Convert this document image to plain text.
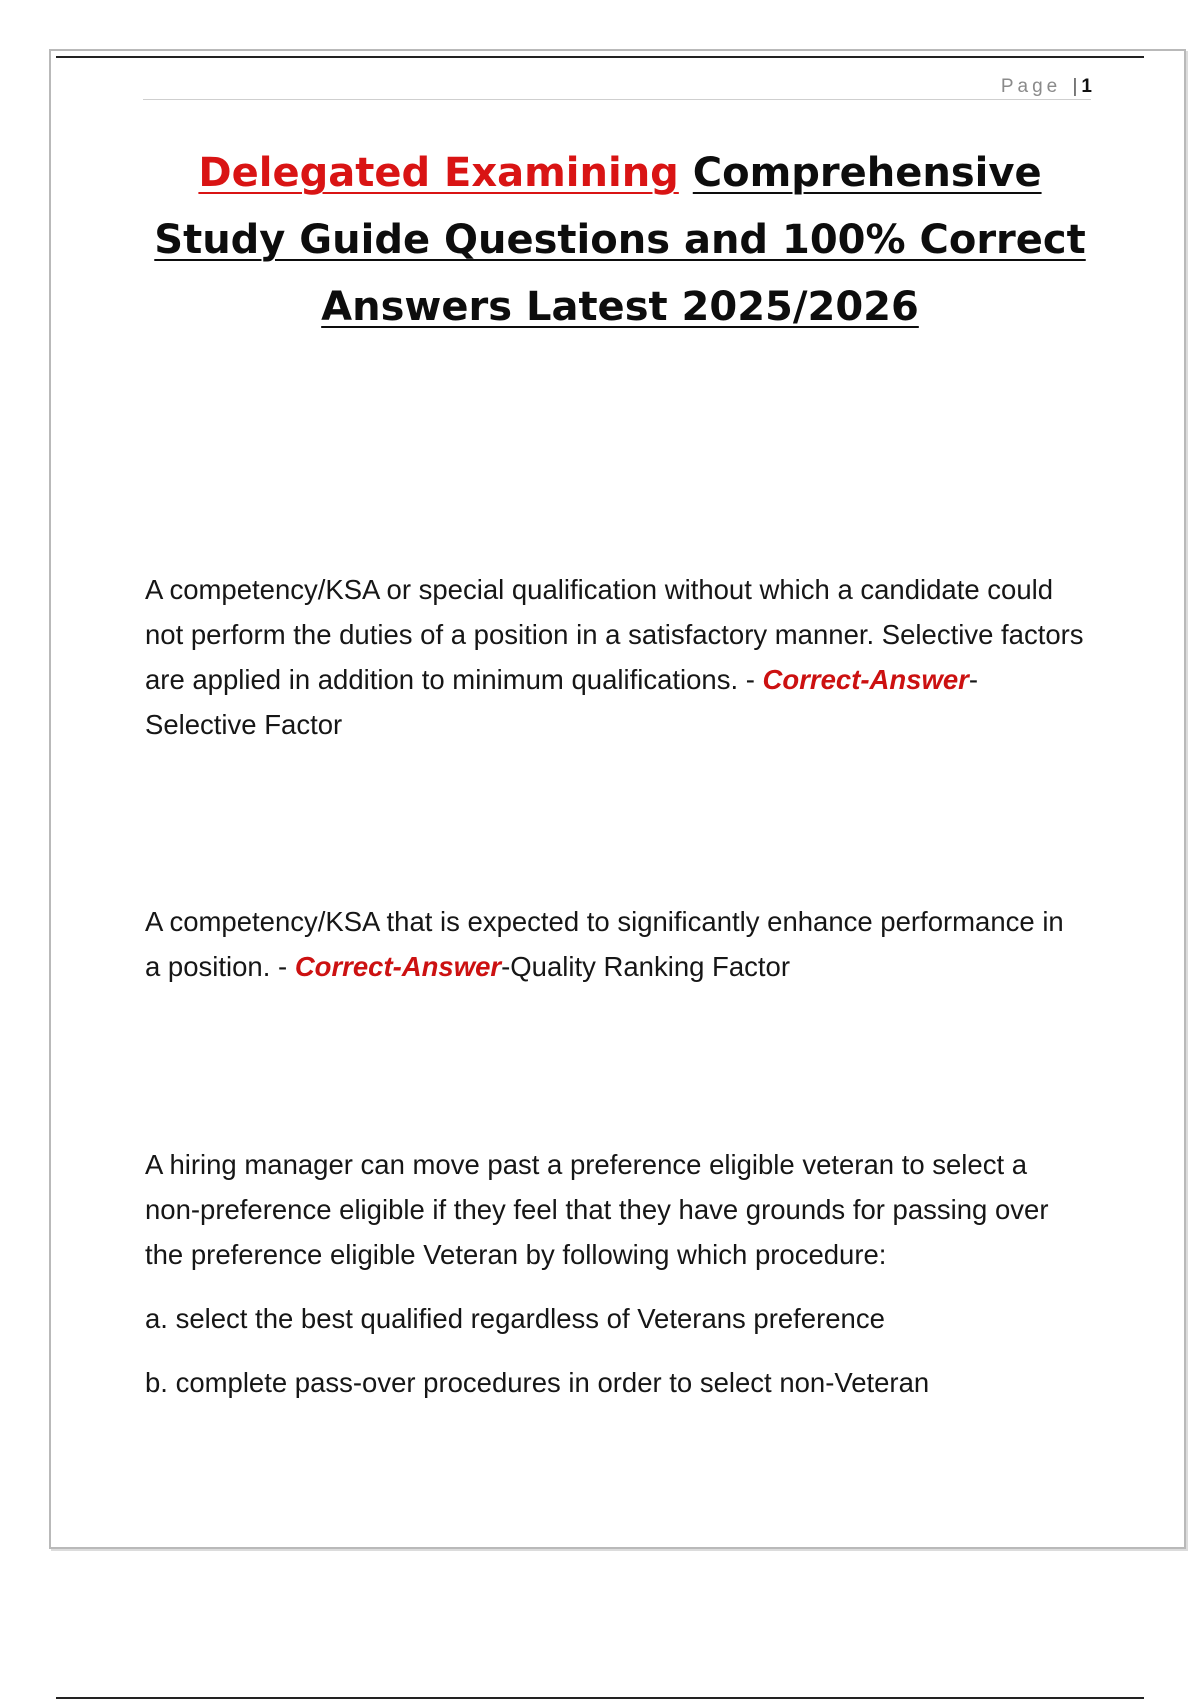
Page | 1
Delegated Examining Comprehensive Study Guide Questions and 100% Correct Answers Latest 2025/2026
A competency/KSA or special qualification without which a candidate could not perform the duties of a position in a satisfactory manner. Selective factors are applied in addition to minimum qualifications. - Correct-Answer-Selective Factor
A competency/KSA that is expected to significantly enhance performance in a position. - Correct-Answer-Quality Ranking Factor

A hiring manager can move past a preference eligible veteran to select a non-preference eligible if they feel that they have grounds for passing over the preference eligible Veteran by following which procedure:

a. select the best qualified regardless of Veterans preference

b. complete pass-over procedures in order to select non-Veteran
